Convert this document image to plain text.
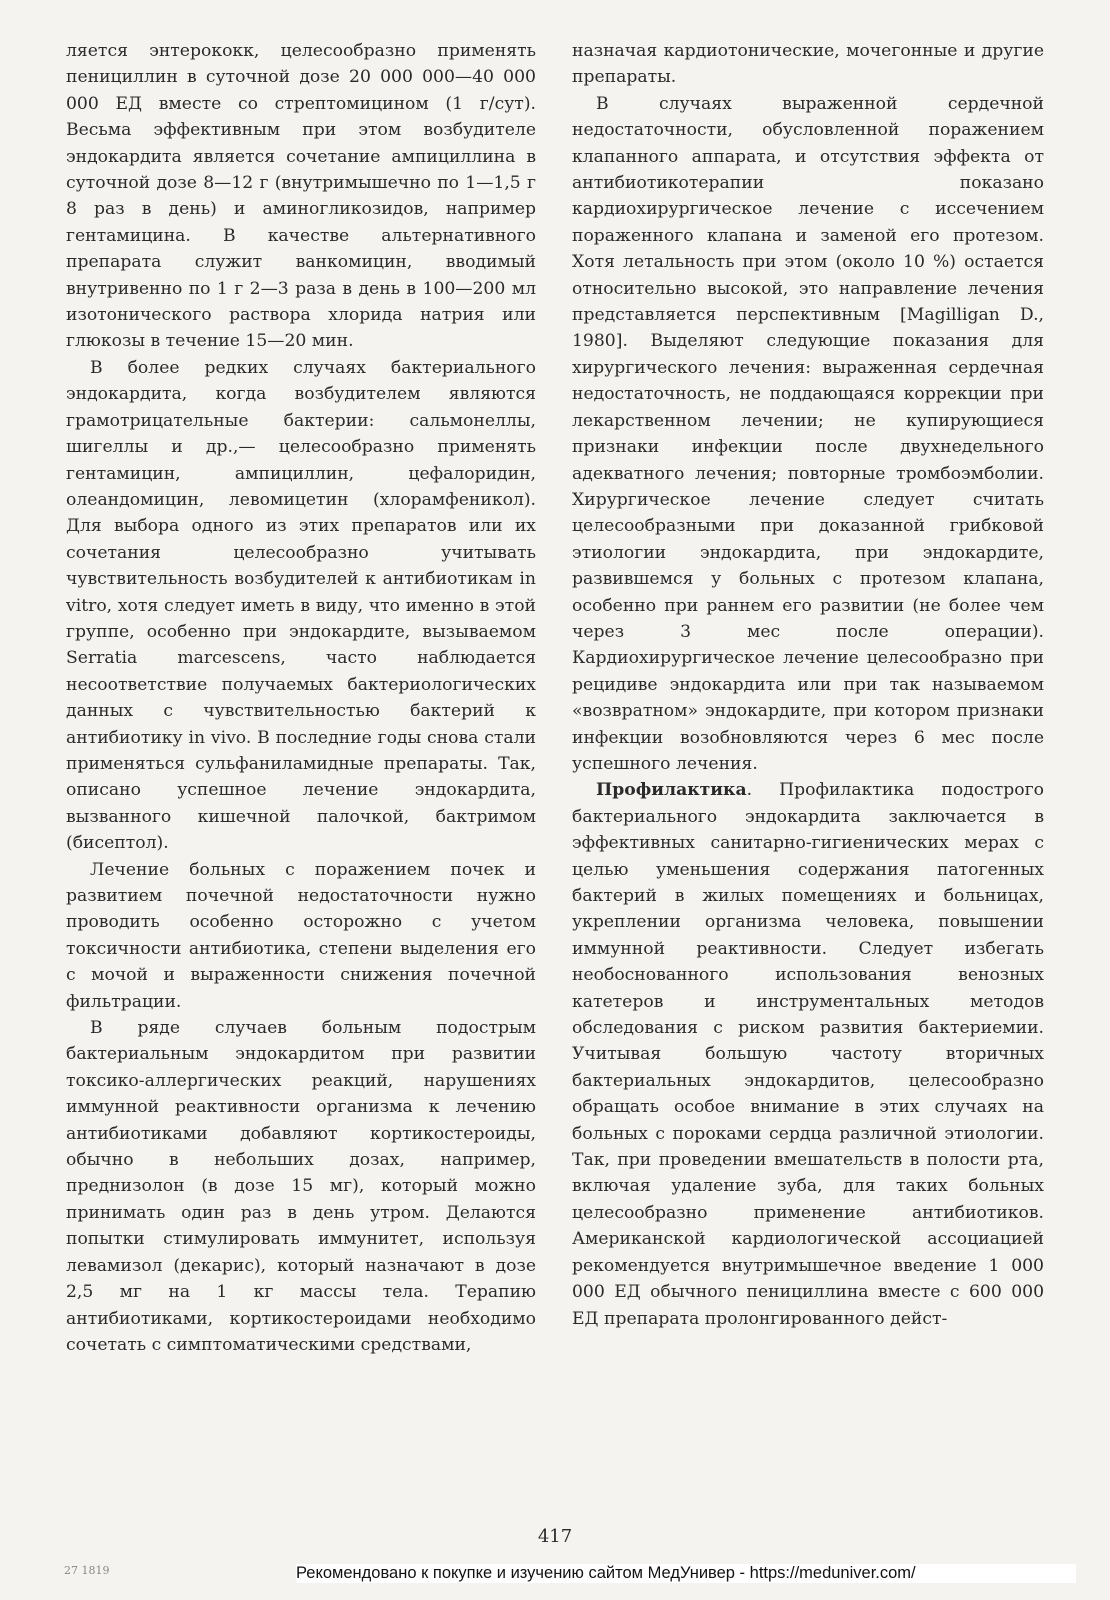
ляется энтерококк, целесообразно применять пенициллин в суточной дозе 20 000 000—40 000 000 ЕД вместе со стрептомицином (1 г/сут). Весьма эффективным при этом возбудителе эндокардита является сочетание ампициллина в суточной дозе 8—12 г (внутримышечно по 1—1,5 г 8 раз в день) и аминогликозидов, например гентамицина. В качестве альтернативного препарата служит ванкомицин, вводимый внутривенно по 1 г 2—3 раза в день в 100—200 мл изотонического раствора хлорида натрия или глюкозы в течение 15—20 мин.

В более редких случаях бактериального эндокардита, когда возбудителем являются грамотрицательные бактерии: сальмонеллы, шигеллы и др.,— целесообразно применять гентамицин, ампициллин, цефалоридин, олеандомицин, левомицетин (хлорамфеникол). Для выбора одного из этих препаратов или их сочетания целесообразно учитывать чувствительность возбудителей к антибиотикам in vitro, хотя следует иметь в виду, что именно в этой группе, особенно при эндокардите, вызываемом Serratia marcescens, часто наблюдается несоответствие получаемых бактериологических данных с чувствительностью бактерий к антибиотику in vivo. В последние годы снова стали применяться сульфаниламидные препараты. Так, описано успешное лечение эндокардита, вызванного кишечной палочкой, бактримом (бисептол).

Лечение больных с поражением почек и развитием почечной недостаточности нужно проводить особенно осторожно с учетом токсичности антибиотика, степени выделения его с мочой и выраженности снижения почечной фильтрации.

В ряде случаев больным подострым бактериальным эндокардитом при развитии токсико-аллергических реакций, нарушениях иммунной реактивности организма к лечению антибиотиками добавляют кортикостероиды, обычно в небольших дозах, например, преднизолон (в дозе 15 мг), который можно принимать один раз в день утром. Делаются попытки стимулировать иммунитет, используя левамизол (декарис), который назначают в дозе 2,5 мг на 1 кг массы тела. Терапию антибиотиками, кортикостероидами необходимо сочетать с симптоматическими средствами,

назначая кардиотонические, мочегонные и другие препараты.

В случаях выраженной сердечной недостаточности, обусловленной поражением клапанного аппарата, и отсутствия эффекта от антибиотикотерапии показано кардиохирургическое лечение с иссечением пораженного клапана и заменой его протезом. Хотя летальность при этом (около 10 %) остается относительно высокой, это направление лечения представляется перспективным [Magilligan D., 1980]. Выделяют следующие показания для хирургического лечения: выраженная сердечная недостаточность, не поддающаяся коррекции при лекарственном лечении; не купирующиеся признаки инфекции после двухнедельного адекватного лечения; повторные тромбоэмболии. Хирургическое лечение следует считать целесообразными при доказанной грибковой этиологии эндокардита, при эндокардите, развившемся у больных с протезом клапана, особенно при раннем его развитии (не более чем через 3 мес после операции). Кардиохирургическое лечение целесообразно при рецидиве эндокардита или при так называемом «возвратном» эндокардите, при котором признаки инфекции возобновляются через 6 мес после успешного лечения.

Профилактика. Профилактика подострого бактериального эндокардита заключается в эффективных санитарно-гигиенических мерах с целью уменьшения содержания патогенных бактерий в жилых помещениях и больницах, укреплении организма человека, повышении иммунной реактивности. Следует избегать необоснованного использования венозных катетеров и инструментальных методов обследования с риском развития бактериемии. Учитывая большую частоту вторичных бактериальных эндокардитов, целесообразно обращать особое внимание в этих случаях на больных с пороками сердца различной этиологии. Так, при проведении вмешательств в полости рта, включая удаление зуба, для таких больных целесообразно применение антибиотиков. Американской кардиологической ассоциацией рекомендуется внутримышечное введение 1 000 000 ЕД обычного пенициллина вместе с 600 000 ЕД препарата пролонгированного дейст-

417
27 1819	Рекомендовано к покупке и изучению сайтом МедУнивер - https://meduniver.com/
